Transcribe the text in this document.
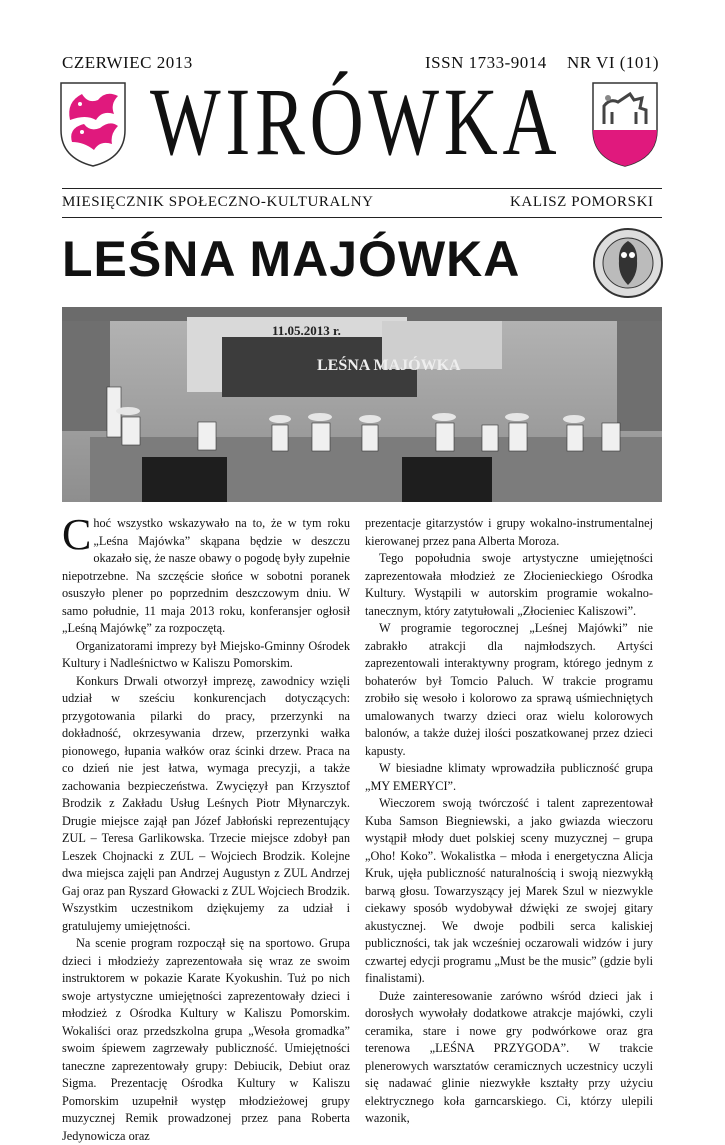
CZERWIEC 2013	ISSN 1733-9014 NR VI (101)
WIRÓWKA
MIESIĘCZNIK SPOŁECZNO-KULTURALNY	KALISZ POMORSKI
LEŚNA MAJÓWKA
11.05.2013 r.
LEŚNA MAJÓWKA

Choć wszystko wskazywało na to, że w tym roku „Leśna Majówka” skąpana będzie w deszczu okazało się, że nasze obawy o pogodę były zupełnie niepotrzebne. Na szczęście słońce w sobotni poranek osuszyło plener po poprzednim deszczowym dniu. W samo południe, 11 maja 2013 roku, konferansjer ogłosił „Leśną Majówkę” za rozpoczętą.

Organizatorami imprezy był Miejsko-Gminny Ośrodek Kultury i Nadleśnictwo w Kaliszu Pomorskim.

Konkurs Drwali otworzył imprezę, zawodnicy wzięli udział w sześciu konkurencjach dotyczących: przygotowania pilarki do pracy, przerzynki na dokładność, okrzesywania drzew, przerzynki wałka pionowego, łupania wałków oraz ścinki drzew. Praca na co dzień nie jest łatwa, wymaga precyzji, a także zachowania bezpieczeństwa. Zwycięzył pan Krzysztof Brodzik z Zakładu Usług Leśnych Piotr Młynarczyk. Drugie miejsce zajął pan Józef Jabłoński reprezentujący ZUL – Teresa Garlikowska. Trzecie miejsce zdobył pan Leszek Chojnacki z ZUL – Wojciech Brodzik. Kolejne dwa miejsca zajęli pan Andrzej Augustyn z ZUL Andrzej Gaj oraz pan Ryszard Głowacki z ZUL Wojciech Brodzik. Wszystkim uczestnikom dziękujemy za udział i gratulujemy umiejętności.

Na scenie program rozpoczął się na sportowo. Grupa dzieci i młodzieży zaprezentowała się wraz ze swoim instruktorem w pokazie Karate Kyokushin. Tuż po nich swoje artystyczne umiejętności zaprezentowały dzieci i młodzież z Ośrodka Kultury w Kaliszu Pomorskim. Wokaliści oraz przedszkolna grupa „Wesoła gromadka” swoim śpiewem zagrzewały publiczność. Umiejętności taneczne zaprezentowały grupy: Debiucik, Debiut oraz Sigma. Prezentację Ośrodka Kultury w Kaliszu Pomorskim uzupełnił występ młodzieżowej grupy muzycznej Remik prowadzonej przez pana Roberta Jedynowicza oraz

prezentacje gitarzystów i grupy wokalno-instrumentalnej kierowanej przez pana Alberta Moroza.

Tego popołudnia swoje artystyczne umiejętności zaprezentowała młodzież ze Złocienieckiego Ośrodka Kultury. Wystąpili w autorskim programie wokalno-tanecznym, który zatytułowali „Złocieniec Kaliszowi”.

W programie tegorocznej „Leśnej Majówki” nie zabrakło atrakcji dla najmłodszych. Artyści zaprezentowali interaktywny program, którego jednym z bohaterów był Tomcio Paluch. W trakcie programu zrobiło się wesoło i kolorowo za sprawą uśmiechniętych umalowanych twarzy dzieci oraz wielu kolorowych balonów, a także dużej ilości poszatkowanej przez dzieci kapusty.

W biesiadne klimaty wprowadziła publiczność grupa „MY EMERYCI”.

Wieczorem swoją twórczość i talent zaprezentował Kuba Samson Biegniewski, a jako gwiazda wieczoru wystąpił młody duet polskiej sceny muzycznej – grupa „Oho! Koko”. Wokalistka – młoda i energetyczna Alicja Kruk, ujęła publiczność naturalnością i swoją niezwykłą barwą głosu. Towarzyszący jej Marek Szul w niezwykle ciekawy sposób wydobywał dźwięki ze swojej gitary akustycznej. We dwoje podbili serca kaliskiej publiczności, tak jak wcześniej oczarowali widzów i jury czwartej edycji programu „Must be the music” (gdzie byli finalistami).

Duże zainteresowanie zarówno wśród dzieci jak i dorosłych wywołały dodatkowe atrakcje majówki, czyli ceramika, stare i nowe gry podwórkowe oraz gra terenowa „LEŚNA PRZYGODA”. W trakcie plenerowych warsztatów ceramicznych uczestnicy uczyli się nadawać glinie niezwykłe kształty przy użyciu elektrycznego koła garncarskiego. Ci, którzy ulepili wazonik,
